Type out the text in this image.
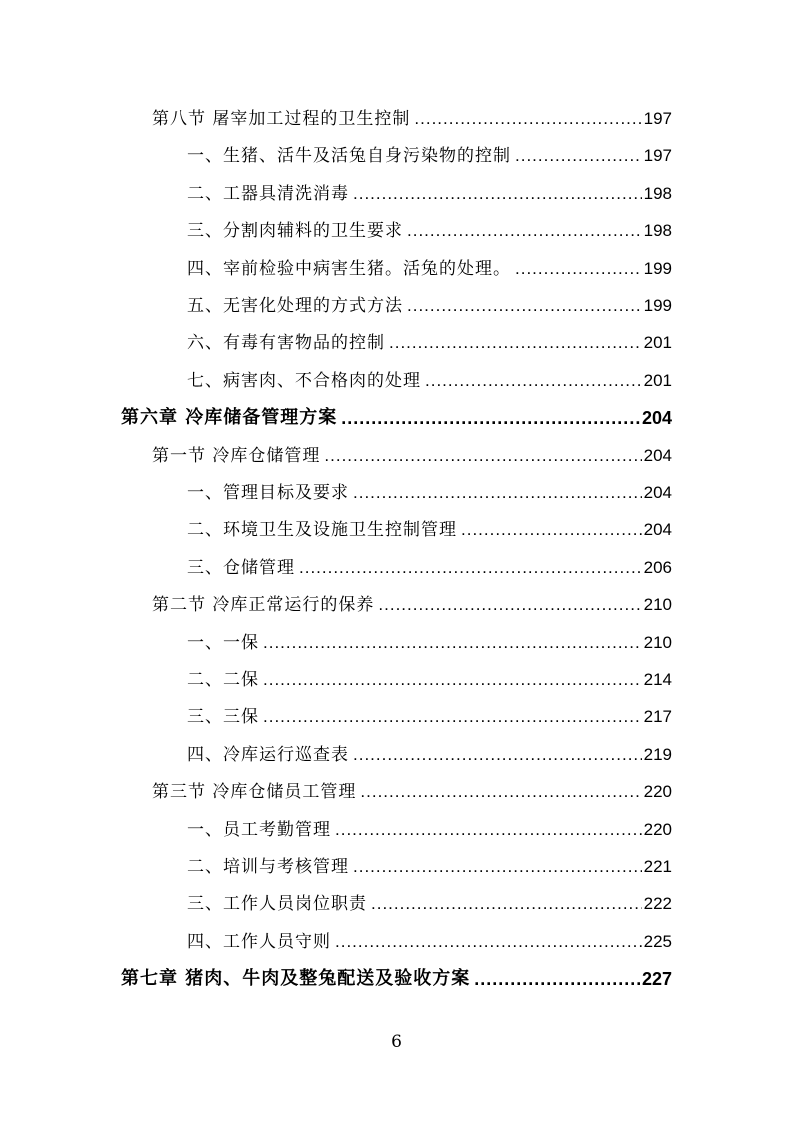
第八节 屠宰加工过程的卫生控制 .....	197
一、生猪、活牛及活兔自身污染物的控制 .....	197
二、工器具清洗消毒 .....	198
三、分割肉辅料的卫生要求 .....	198
四、宰前检验中病害生猪。活兔的处理。 .....	199
五、无害化处理的方式方法 .....	199
六、有毒有害物品的控制 .....	201
七、病害肉、不合格肉的处理 .....	201
第六章 冷库储备管理方案 .....	204
第一节 冷库仓储管理 .....	204
一、管理目标及要求 .....	204
二、环境卫生及设施卫生控制管理 .....	204
三、仓储管理 .....	206
第二节 冷库正常运行的保养 .....	210
一、一保 .....	210
二、二保 .....	214
三、三保 .....	217
四、冷库运行巡查表 .....	219
第三节 冷库仓储员工管理 .....	220
一、员工考勤管理 .....	220
二、培训与考核管理 .....	221
三、工作人员岗位职责 .....	222
四、工作人员守则 .....	225
第七章 猪肉、牛肉及整兔配送及验收方案 .....	227
6
